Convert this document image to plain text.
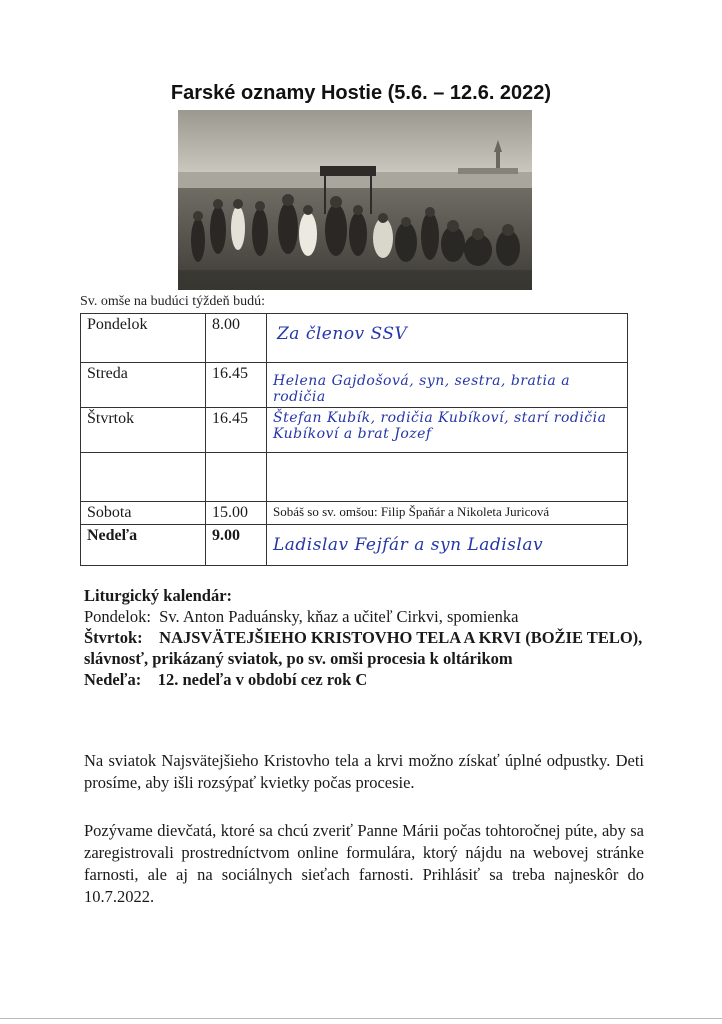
Farské oznamy Hostie (5.6. – 12.6. 2022)
Sv. omše na budúci týždeň budú:
Pondelok	8.00	Za členov SSV

Streda	16.45	Helena Gajdošová, syn, sestra, bratia a rodičia

Štvrtok	16.45	Štefan Kubík, rodičia Kubíkoví, starí rodičia Kubíkoví a brat Jozef

Sobota	15.00	Sobáš so sv. omšou: Filip Špaňár a Nikoleta Juricová
Nedeľa	9.00	Ladislav Fejfár a syn Ladislav

Liturgický kalendár:

Pondelok: Sv. Anton Paduánsky, kňaz a učiteľ Cirkvi, spomienka

Štvrtok: NAJSVÄTEJŠIEHO KRISTOVHO TELA A KRVI (BOŽIE TELO), slávnosť, prikázaný sviatok, po sv. omši procesia k oltárikom

Nedeľa: 12. nedeľa v období cez rok C

Na sviatok Najsvätejšieho Kristovho tela a krvi možno získať úplné odpustky. Deti prosíme, aby išli rozsýpať kvietky počas procesie.

Pozývame dievčatá, ktoré sa chcú zveriť Panne Márii počas tohtoročnej púte, aby sa zaregistrovali prostredníctvom online formulára, ktorý nájdu na webovej stránke farnosti, ale aj na sociálnych sieťach farnosti. Prihlásiť sa treba najneskôr do 10.7.2022.
